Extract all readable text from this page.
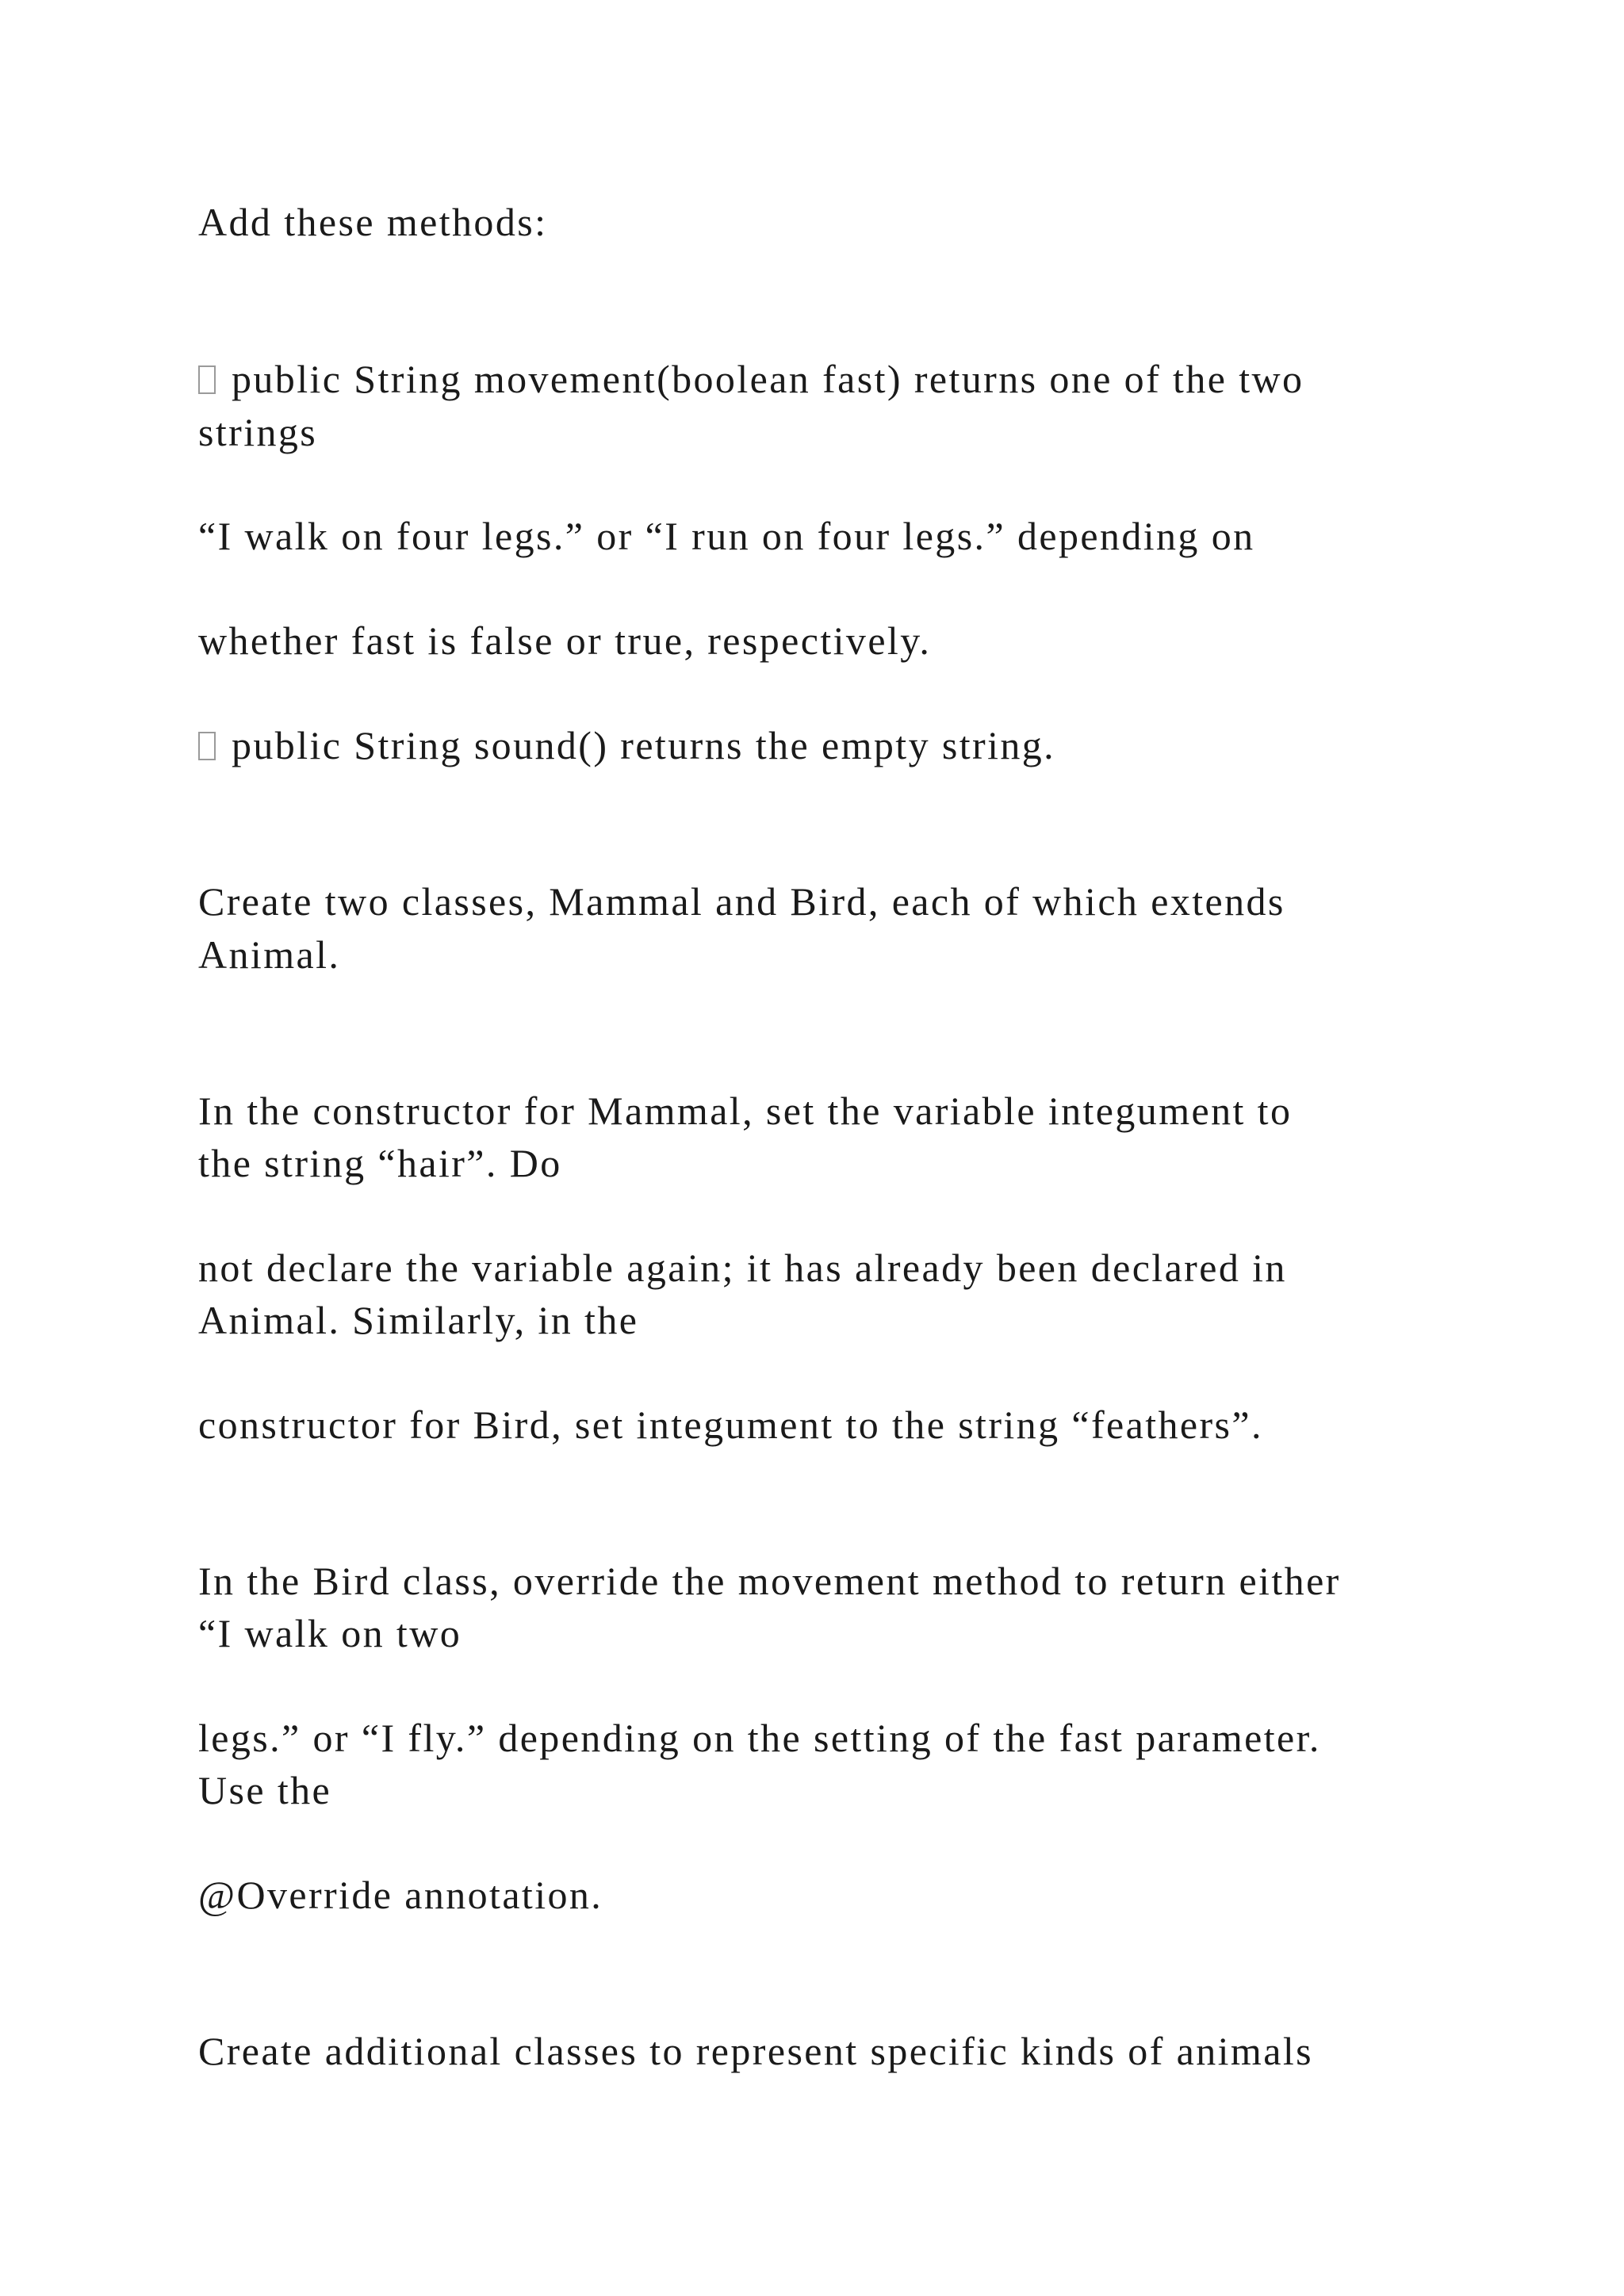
Add these methods:

public String movement(boolean fast) returns one of the two

strings

“I walk on four legs.” or “I run on four legs.” depending on

whether fast is false or true, respectively.

public String sound() returns the empty string.

Create two classes, Mammal and Bird, each of which extends

Animal.

In the constructor for Mammal, set the variable integument to

the string “hair”. Do

not declare the variable again; it has already been declared in

Animal. Similarly, in the

constructor for Bird, set integument to the string “feathers”.

In the Bird class, override the movement method to return either

“I walk on two

legs.” or “I fly.” depending on the setting of the fast parameter.

Use the

@Override annotation.

Create additional classes to represent specific kinds of animals
